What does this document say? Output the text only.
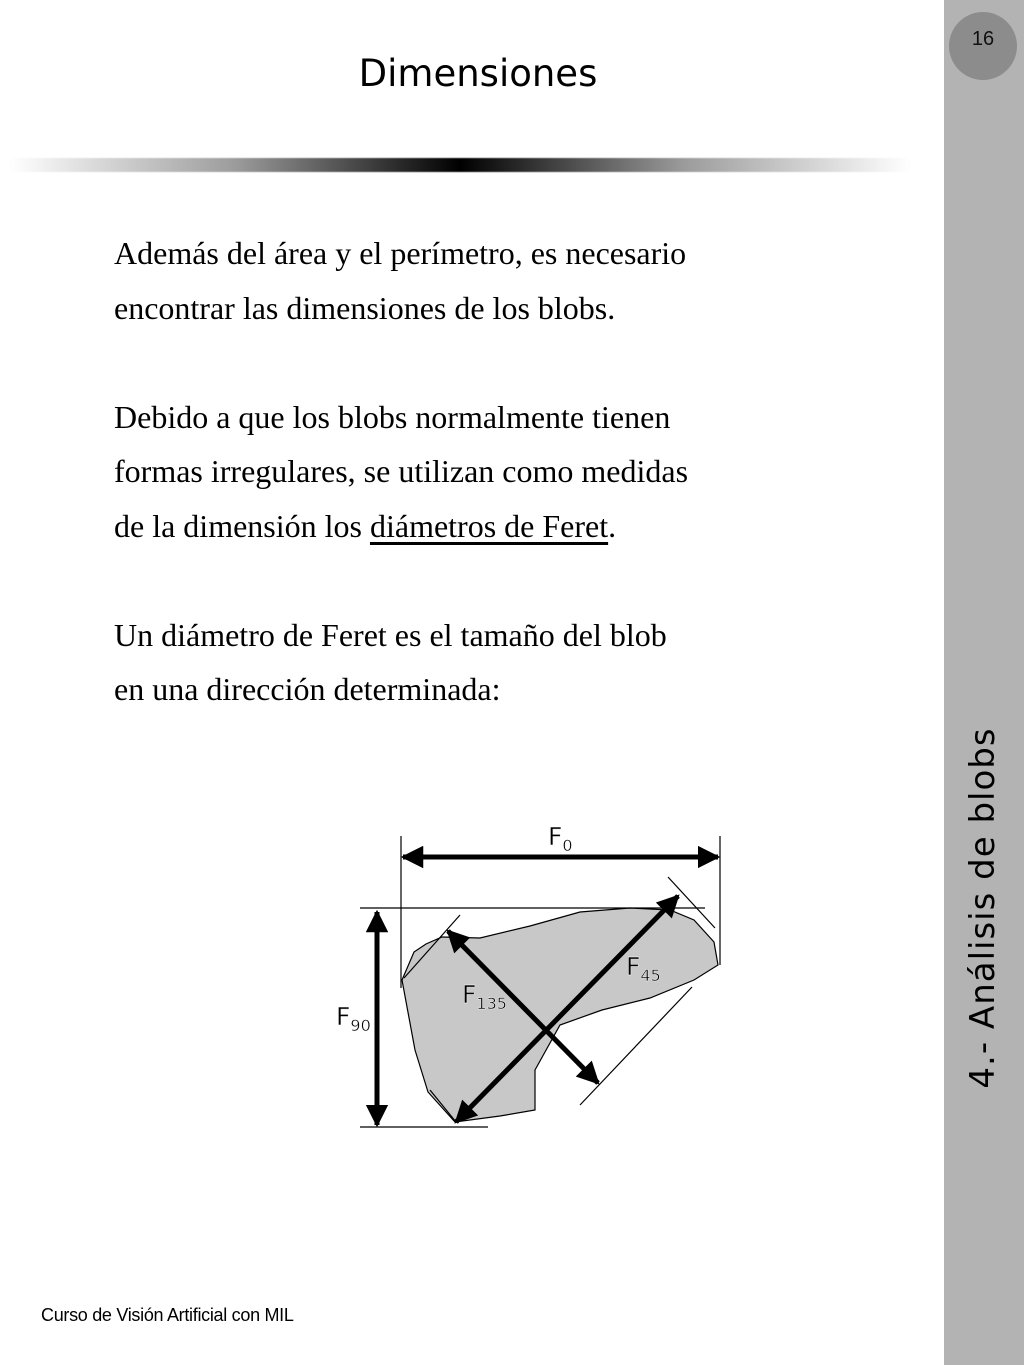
16
4.- Análisis de blobs
Dimensiones

Además del área y el perímetro, es necesario
encontrar las dimensiones de los blobs.

Debido a que los blobs normalmente tienen
formas irregulares, se utilizan como medidas
de la dimensión los diámetros de Feret.

Un diámetro de Feret es el tamaño del blob
en una dirección determinada:

$F_0$
$F_{45}$
$F_{90}$
$F_{135}$
Curso de Visión Artificial con MIL
